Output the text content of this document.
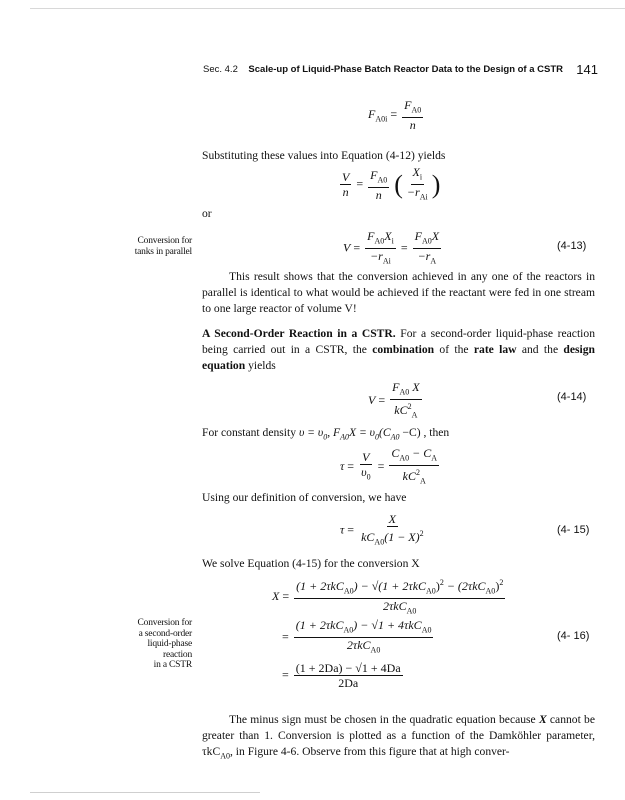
Sec. 4.2 Scale-up of Liquid-Phase Batch Reactor Data to the Design of a CSTR 141
$F_{A0i} = \frac{F_{A0}}{n}$
Substituting these values into Equation (4-12) yields
$\frac{V}{n} = \frac{F_{A0}}{n}$ ( $\frac{X_i}{-r_{Ai}}$ )
or
Conversion for
tanks in parallel	$V = \frac{F_{A0}X_i}{-r_{Ai}} = \frac{F_{A0}X}{-r_A}$	(4-13)
This result shows that the conversion achieved in any one of the reactors in parallel is identical to what would be achieved if the reactant were fed in one stream to one large reactor of volume V!
A Second-Order Reaction in a CSTR. For a second-order liquid-phase reaction being carried out in a CSTR, the combination of the rate law and the design equation yields
$V = \frac{F_{A0} X}{kC^2_A}$	(4-14)
For constant density $\upsilon = \upsilon_0$, $F_{A0}X = \upsilon_0(C_{A0} -C)$ , then
$\tau = \frac{V}{\upsilon_0} = \frac{C_{A0} - C_A}{kC^2_A}$
Using our definition of conversion, we have
$\tau = \frac{X}{kC_{A0}(1 - X)^2}$	(4- 15)
We solve Equation (4-15) for the conversion X
$X = \frac{(1 + 2\tau kC_{A0}) - √(1 + 2\tau kC_{A0})^2 - (2\tau kC_{A0})^2}{2\tau kC_{A0}}$
Conversion for
a second-order
liquid-phase
reaction
in a CSTR
= $\frac{(1 + 2\tau kC_{A0}) - √1 + 4\tau kC_{A0}}{2\tau kC_{A0}}$	(4- 16)
= $\frac{(1 + 2Da) - √1 + 4Da}{2Da}$
The minus sign must be chosen in the quadratic equation because X cannot be greater than 1. Conversion is plotted as a function of the Damköhler parameter, τkC$_{A0}$, in Figure 4-6. Observe from this figure that at high conver-
